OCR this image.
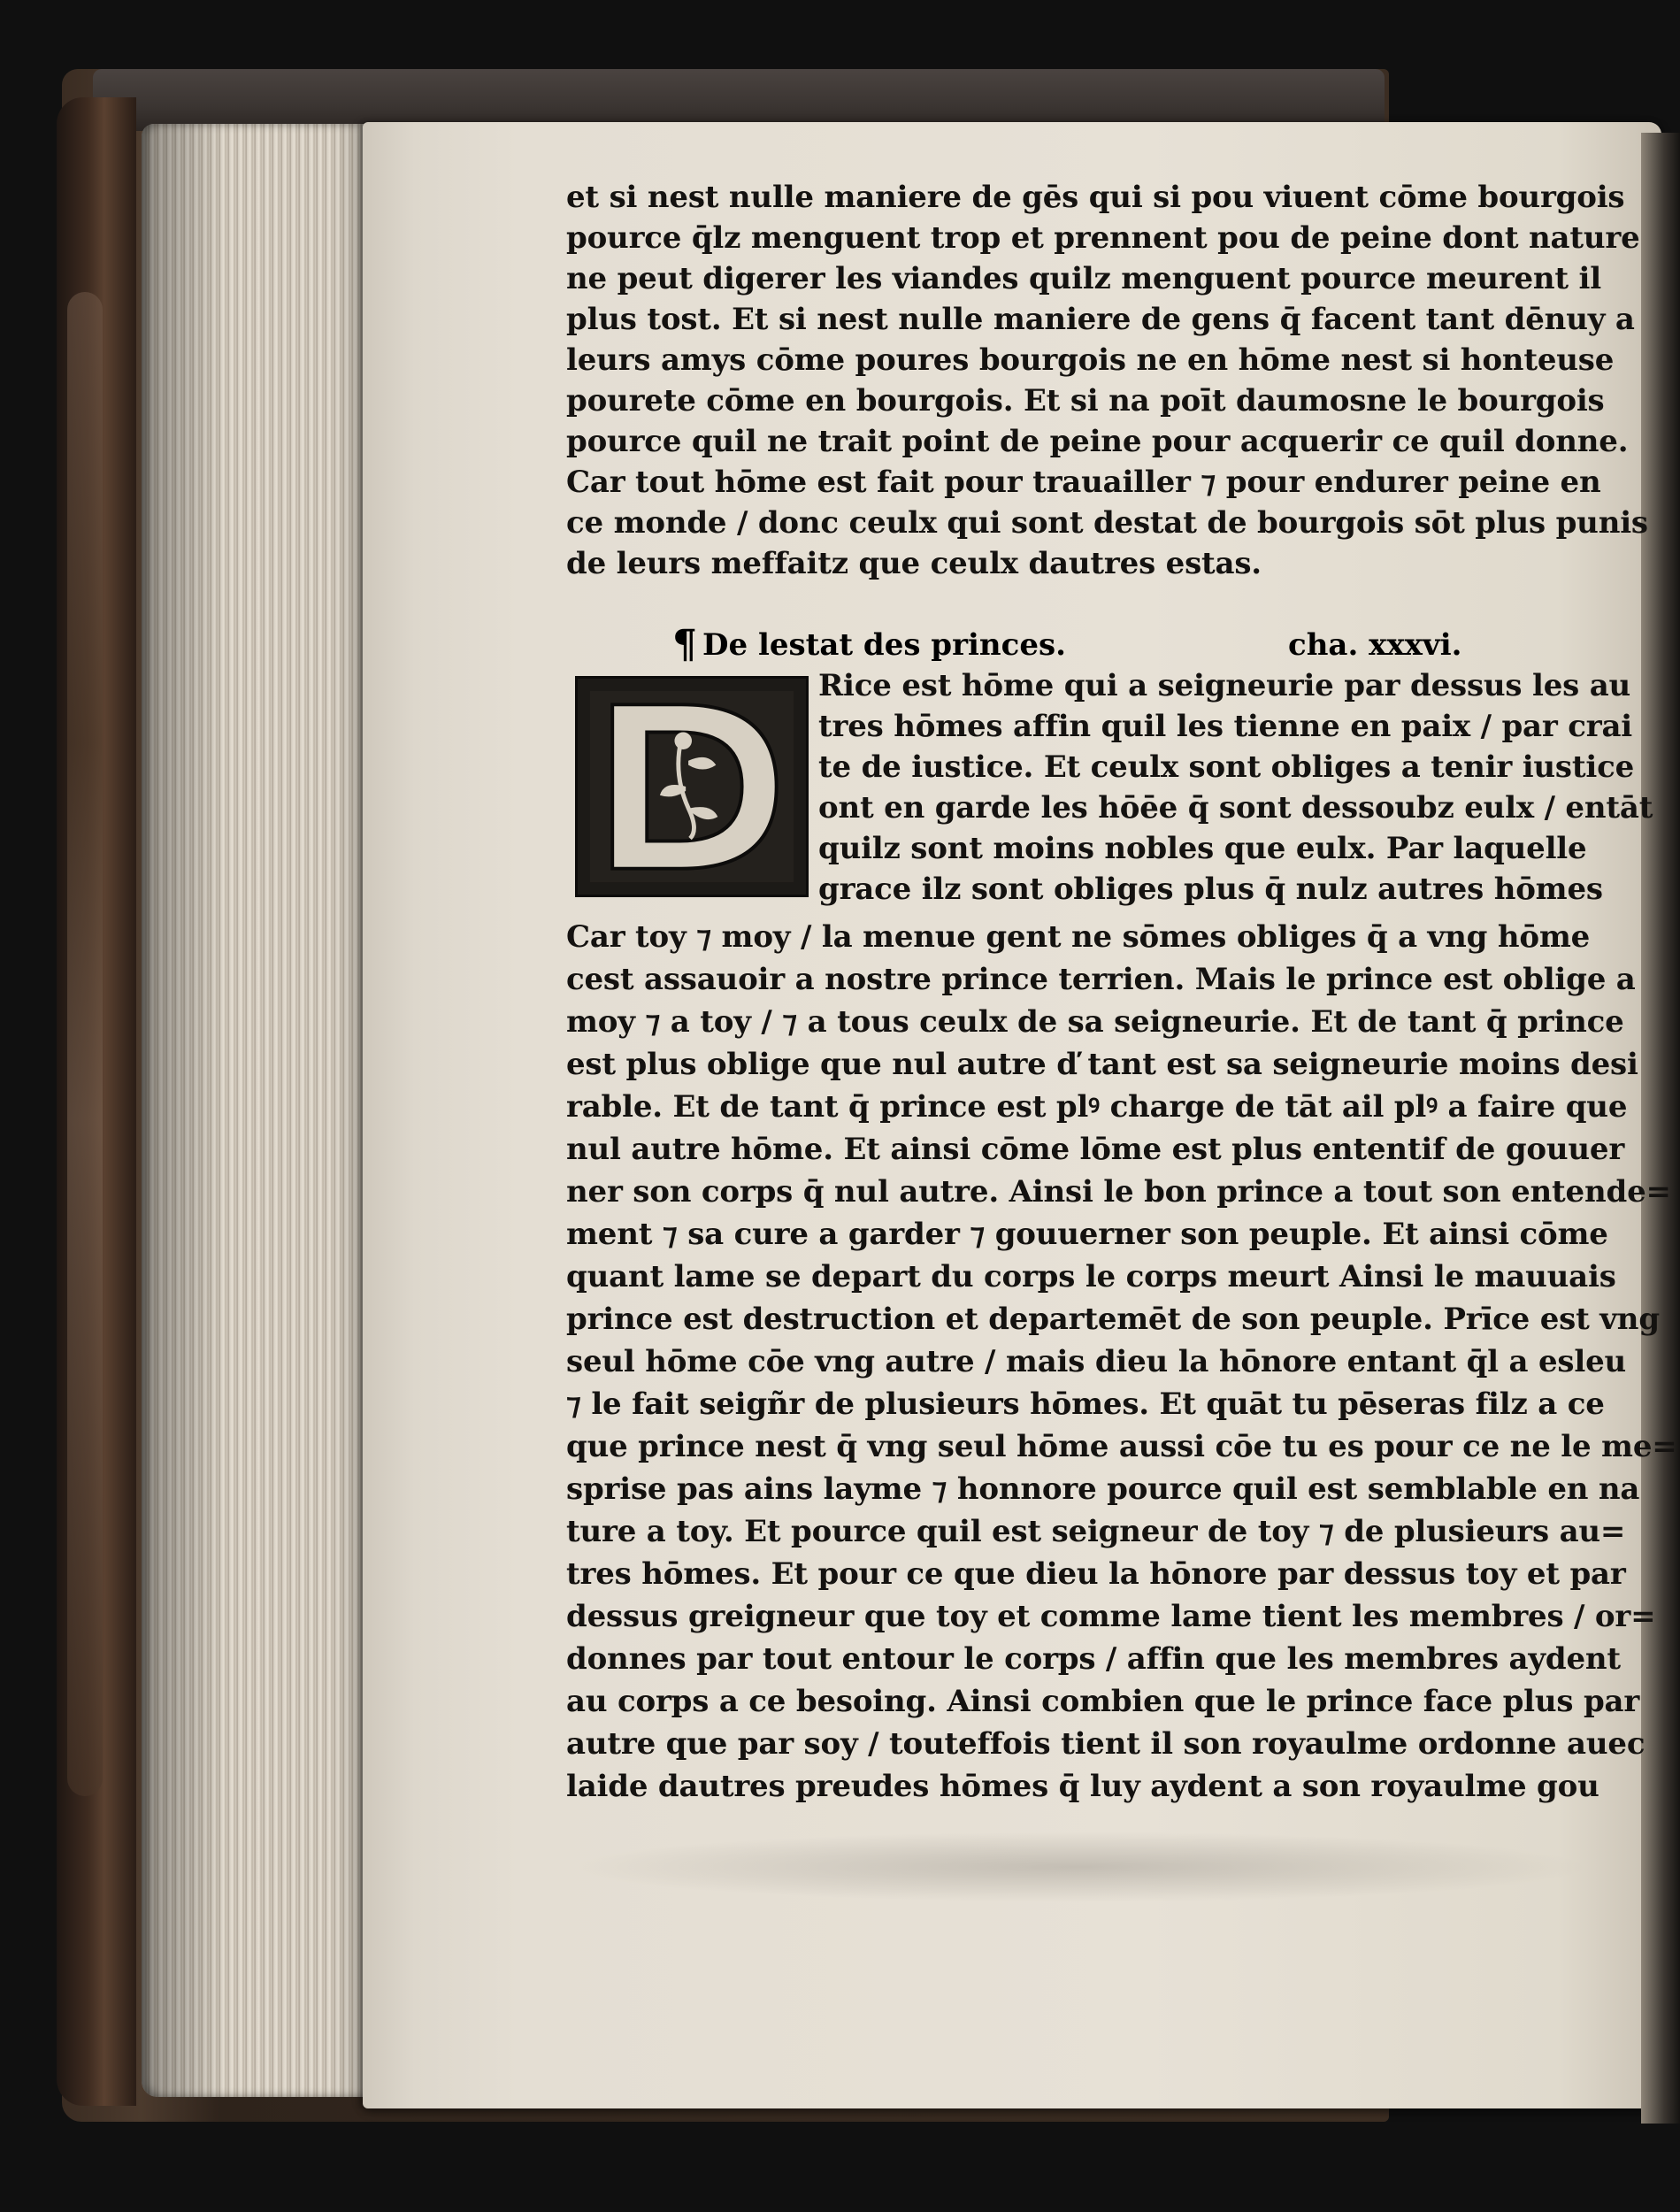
et si nest nulle maniere de gēs qui si pou viuent cōme bourgois
pource q̄lz menguent trop et prennent pou de peine dont nature
ne peut digerer les viandes quilz menguent pource meurent il
plus tost. Et si nest nulle maniere de gens q̄ facent tant dēnuy a
leurs amys cōme poures bourgois ne en hōme nest si honteuse
pourete cōme en bourgois. Et si na poīt daumosne le bourgois
pource quil ne trait point de peine pour acquerir ce quil donne.
Car tout hōme est fait pour trauailler ⁊ pour endurer peine en
ce monde / donc ceulx qui sont destat de bourgois sōt plus punis
de leurs meffaitz que ceulx dautres estas.
¶ De lestat des princes.	cha. xxxvi.
Rice est hōme qui a seigneurie par dessus les au
tres hōmes affin quil les tienne en paix / par crai
te de iustice. Et ceulx sont obliges a tenir iustice
ont en garde les hōēe q̄ sont dessoubz eulx / entāt
quilz sont moins nobles que eulx. Par laquelle
grace ilz sont obliges plus q̄ nulz autres hōmes
Car toy ⁊ moy / la menue gent ne sōmes obliges q̄ a vng hōme
cest assauoir a nostre prince terrien. Mais le prince est oblige a
moy ⁊ a toy / ⁊ a tous ceulx de sa seigneurie. Et de tant q̄ prince
est plus oblige que nul autre ď tant est sa seigneurie moins desi
rable. Et de tant q̄ prince est plꝰ charge de tāt ail plꝰ a faire que
nul autre hōme. Et ainsi cōme lōme est plus ententif de gouuer
ner son corps q̄ nul autre. Ainsi le bon prince a tout son entende=
ment ⁊ sa cure a garder ⁊ gouuerner son peuple. Et ainsi cōme
quant lame se depart du corps le corps meurt Ainsi le mauuais
prince est destruction et departemēt de son peuple. Prīce est vng
seul hōme cōe vng autre / mais dieu la hōnore entant q̄l a esleu
⁊ le fait seigñr de plusieurs hōmes. Et quāt tu pēseras filz a ce
que prince nest q̄ vng seul hōme aussi cōe tu es pour ce ne le me=
sprise pas ains layme ⁊ honnore pource quil est semblable en na
ture a toy. Et pource quil est seigneur de toy ⁊ de plusieurs au=
tres hōmes. Et pour ce que dieu la hōnore par dessus toy et par
dessus greigneur que toy et comme lame tient les membres / or=
donnes par tout entour le corps / affin que les membres aydent
au corps a ce besoing. Ainsi combien que le prince face plus par
autre que par soy / touteffois tient il son royaulme ordonne auec
laide dautres preudes hōmes q̄ luy aydent a son royaulme gou
